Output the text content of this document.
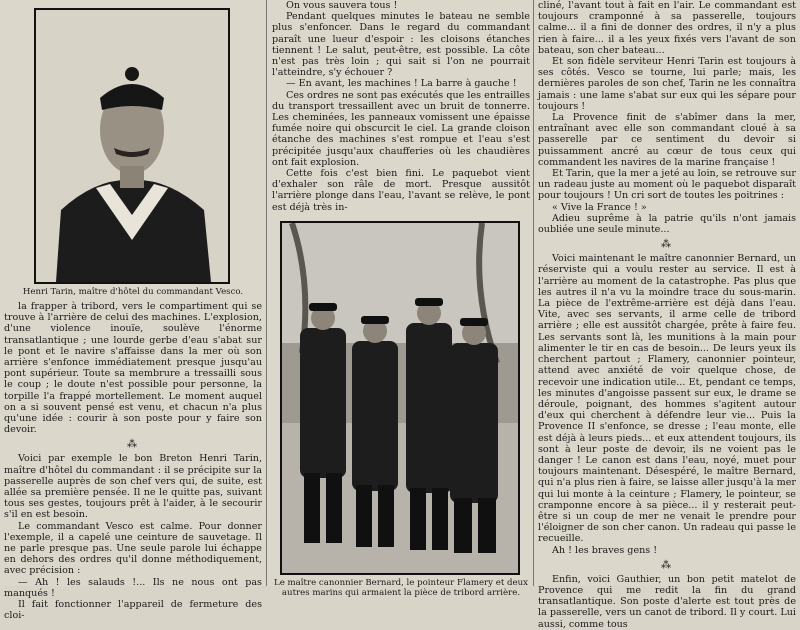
Henri Tarin, maître d'hôtel du commandant Vesco.

la frapper à tribord, vers le compartiment qui se trouve à l'arrière de celui des machines. L'explosion, d'une violence inouïe, soulève l'énorme transatlantique ; une lourde gerbe d'eau s'abat sur le pont et le navire s'affaisse dans la mer où son arrière s'enfonce immédiatement presque jusqu'au pont supérieur. Toute sa membrure a tressailli sous le coup ; le doute n'est possible pour personne, la torpille l'a frappé mortellement. Le moment auquel on a si souvent pensé est venu, et chacun n'a plus qu'une idée : courir à son poste pour y faire son devoir.

⁂

Voici par exemple le bon Breton Henri Tarin, maître d'hôtel du commandant : il se précipite sur la passerelle auprès de son chef vers qui, de suite, est allée sa première pensée. Il ne le quitte pas, suivant tous ses gestes, toujours prêt à l'aider, à le secourir s'il en est besoin.

Le commandant Vesco est calme. Pour donner l'exemple, il a capelé une ceinture de sauvetage. Il ne parle presque pas. Une seule parole lui échappe en dehors des ordres qu'il donne méthodiquement, avec précision :

— Ah ! les salauds !... Ils ne nous ont pas manqués !

Il fait fonctionner l'appareil de fermeture des cloi-

On vous sauvera tous !

Pendant quelques minutes le bateau ne semble plus s'enfoncer. Dans le regard du commandant paraît une lueur d'espoir : les cloisons étanches tiennent ! Le salut, peut-être, est possible. La côte n'est pas très loin ; qui sait si l'on ne pourrait l'atteindre, s'y échouer ?

— En avant, les machines ! La barre à gauche !

Ces ordres ne sont pas exécutés que les entrailles du transport tressaillent avec un bruit de tonnerre. Les cheminées, les panneaux vomissent une épaisse fumée noire qui obscurcit le ciel. La grande cloison étanche des machines s'est rompue et l'eau s'est précipitée jusqu'aux chaufferies où les chaudières ont fait explosion.

Cette fois c'est bien fini. Le paquebot vient d'exhaler son râle de mort. Presque aussitôt l'arrière plonge dans l'eau, l'avant se relève, le pont est déjà très in-

Le maître canonnier Bernard, le pointeur Flamery et deux autres marins qui armaient la pièce de tribord arrière.

cliné, l'avant tout à fait en l'air. Le commandant est toujours cramponné à sa passerelle, toujours calme... il a fini de donner des ordres, il n'y a plus rien à faire... il a les yeux fixés vers l'avant de son bateau, son cher bateau...

Et son fidèle serviteur Henri Tarin est toujours à ses côtés. Vesco se tourne, lui parle; mais, les dernières paroles de son chef, Tarin ne les connaîtra jamais : une lame s'abat sur eux qui les sépare pour toujours !

La Provence finit de s'abîmer dans la mer, entraînant avec elle son commandant cloué à sa passerelle par ce sentiment du devoir si puissamment ancré au cœur de tous ceux qui commandent les navires de la marine française !

Et Tarin, que la mer a jeté au loin, se retrouve sur un radeau juste au moment où le paquebot disparaît pour toujours ! Un cri sort de toutes les poitrines :

« Vive la France ! »

Adieu suprême à la patrie qu'ils n'ont jamais oubliée une seule minute...

⁂

Voici maintenant le maître canonnier Bernard, un réserviste qui a voulu rester au service. Il est à l'arrière au moment de la catastrophe. Pas plus que les autres il n'a vu la moindre trace du sous-marin. La pièce de l'extrême-arrière est déjà dans l'eau. Vite, avec ses servants, il arme celle de tribord arrière ; elle est aussitôt chargée, prête à faire feu. Les servants sont là, les munitions à la main pour alimenter le tir en cas de besoin... De leurs yeux ils cherchent partout ; Flamery, canonnier pointeur, attend avec anxiété de voir quelque chose, de recevoir une indication utile... Et, pendant ce temps, les minutes d'angoisse passent sur eux, le drame se déroule, poignant, des hommes s'agitent autour d'eux qui cherchent à défendre leur vie... Puis la Provence II s'enfonce, se dresse ; l'eau monte, elle est déjà à leurs pieds... et eux attendent toujours, ils sont à leur poste de devoir, ils ne voient pas le danger ! Le canon est dans l'eau, noyé, muet pour toujours maintenant. Désespéré, le maître Bernard, qui n'a plus rien à faire, se laisse aller jusqu'à la mer qui lui monte à la ceinture ; Flamery, le pointeur, se cramponne encore à sa pièce... il y resterait peut-être si un coup de mer ne venait le prendre pour l'éloigner de son cher canon. Un radeau qui passe le recueille.

Ah ! les braves gens !

⁂

Enfin, voici Gauthier, un bon petit matelot de Provence qui me redit la fin du grand transatlantique. Son poste d'alerte est tout près de la passerelle, vers un canot de tribord. Il y court. Lui aussi, comme tous
